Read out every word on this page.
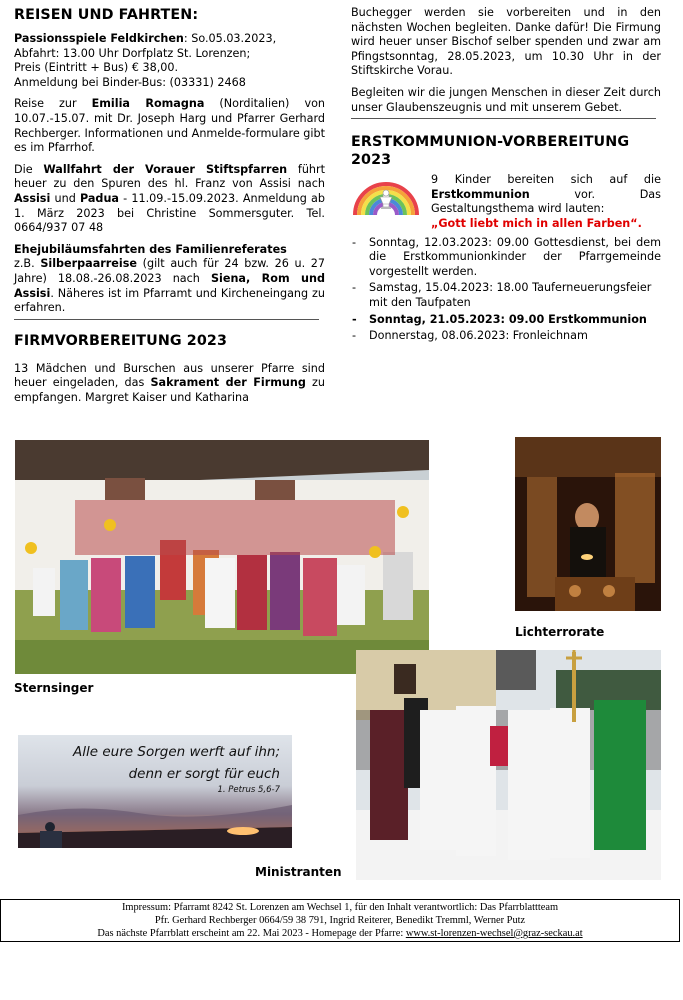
REISEN UND FAHRTEN:

Passionsspiele Feldkirchen: So.05.03.2023,
Abfahrt: 13.00 Uhr Dorfplatz St. Lorenzen;
Preis (Eintritt + Bus) € 38,00.
Anmeldung bei Binder-Bus: (03331) 2468

Reise zur Emilia Romagna (Norditalien) von 10.07.-15.07. mit Dr. Joseph Harg und Pfarrer Gerhard Rechberger. Informationen und Anmelde-formulare gibt es im Pfarrhof.

Die Wallfahrt der Vorauer Stiftspfarren führt heuer zu den Spuren des hl. Franz von Assisi nach Assisi und Padua - 11.09.-15.09.2023. Anmeldung ab 1. März 2023 bei Christine Sommersguter. Tel. 0664/937 07 48

Ehejubiläumsfahrten des Familienreferates
z.B. Silberpaarreise (gilt auch für 24 bzw. 26 u. 27 Jahre) 18.08.-26.08.2023 nach Siena, Rom und Assisi. Näheres ist im Pfarramt und Kircheneingang zu erfahren.

FIRMVORBEREITUNG 2023

13 Mädchen und Burschen aus unserer Pfarre sind heuer eingeladen, das Sakrament der Firmung zu empfangen. Margret Kaiser und Katharina

Buchegger werden sie vorbereiten und in den nächsten Wochen begleiten. Danke dafür! Die Firmung wird heuer unser Bischof selber spenden und zwar am Pfingstsonntag, 28.05.2023, um 10.30 Uhr in der Stiftskirche Vorau.

Begleiten wir die jungen Menschen in dieser Zeit durch unser Glaubenszeugnis und mit unserem Gebet.

ERSTKOMMUNION-VORBEREITUNG
2023

9 Kinder bereiten sich auf die Erstkommunion vor. Das Gestaltungsthema wird lauten:
„Gott liebt mich in allen Farben“.

- Sonntag, 12.03.2023: 09.00 Gottesdienst, bei dem die Erstkommunionkinder der Pfarrgemeinde vorgestellt werden.
- Samstag, 15.04.2023: 18.00 Tauferneuerungsfeier mit den Taufpaten
- Sonntag, 21.05.2023: 09.00 Erstkommunion
- Donnerstag, 08.06.2023: Fronleichnam
Sternsinger
Lichterrorate
Ministranten
Alle eure Sorgen werft auf ihn;
denn er sorgt für euch
1. Petrus 5,6-7
Impressum: Pfarramt 8242 St. Lorenzen am Wechsel 1, für den Inhalt verantwortlich: Das Pfarrblattteam
Pfr. Gerhard Rechberger 0664/59 38 791, Ingrid Reiterer, Benedikt Tremml, Werner Putz
Das nächste Pfarrblatt erscheint am 22. Mai 2023 - Homepage der Pfarre: www.st-lorenzen-wechsel@graz-seckau.at
